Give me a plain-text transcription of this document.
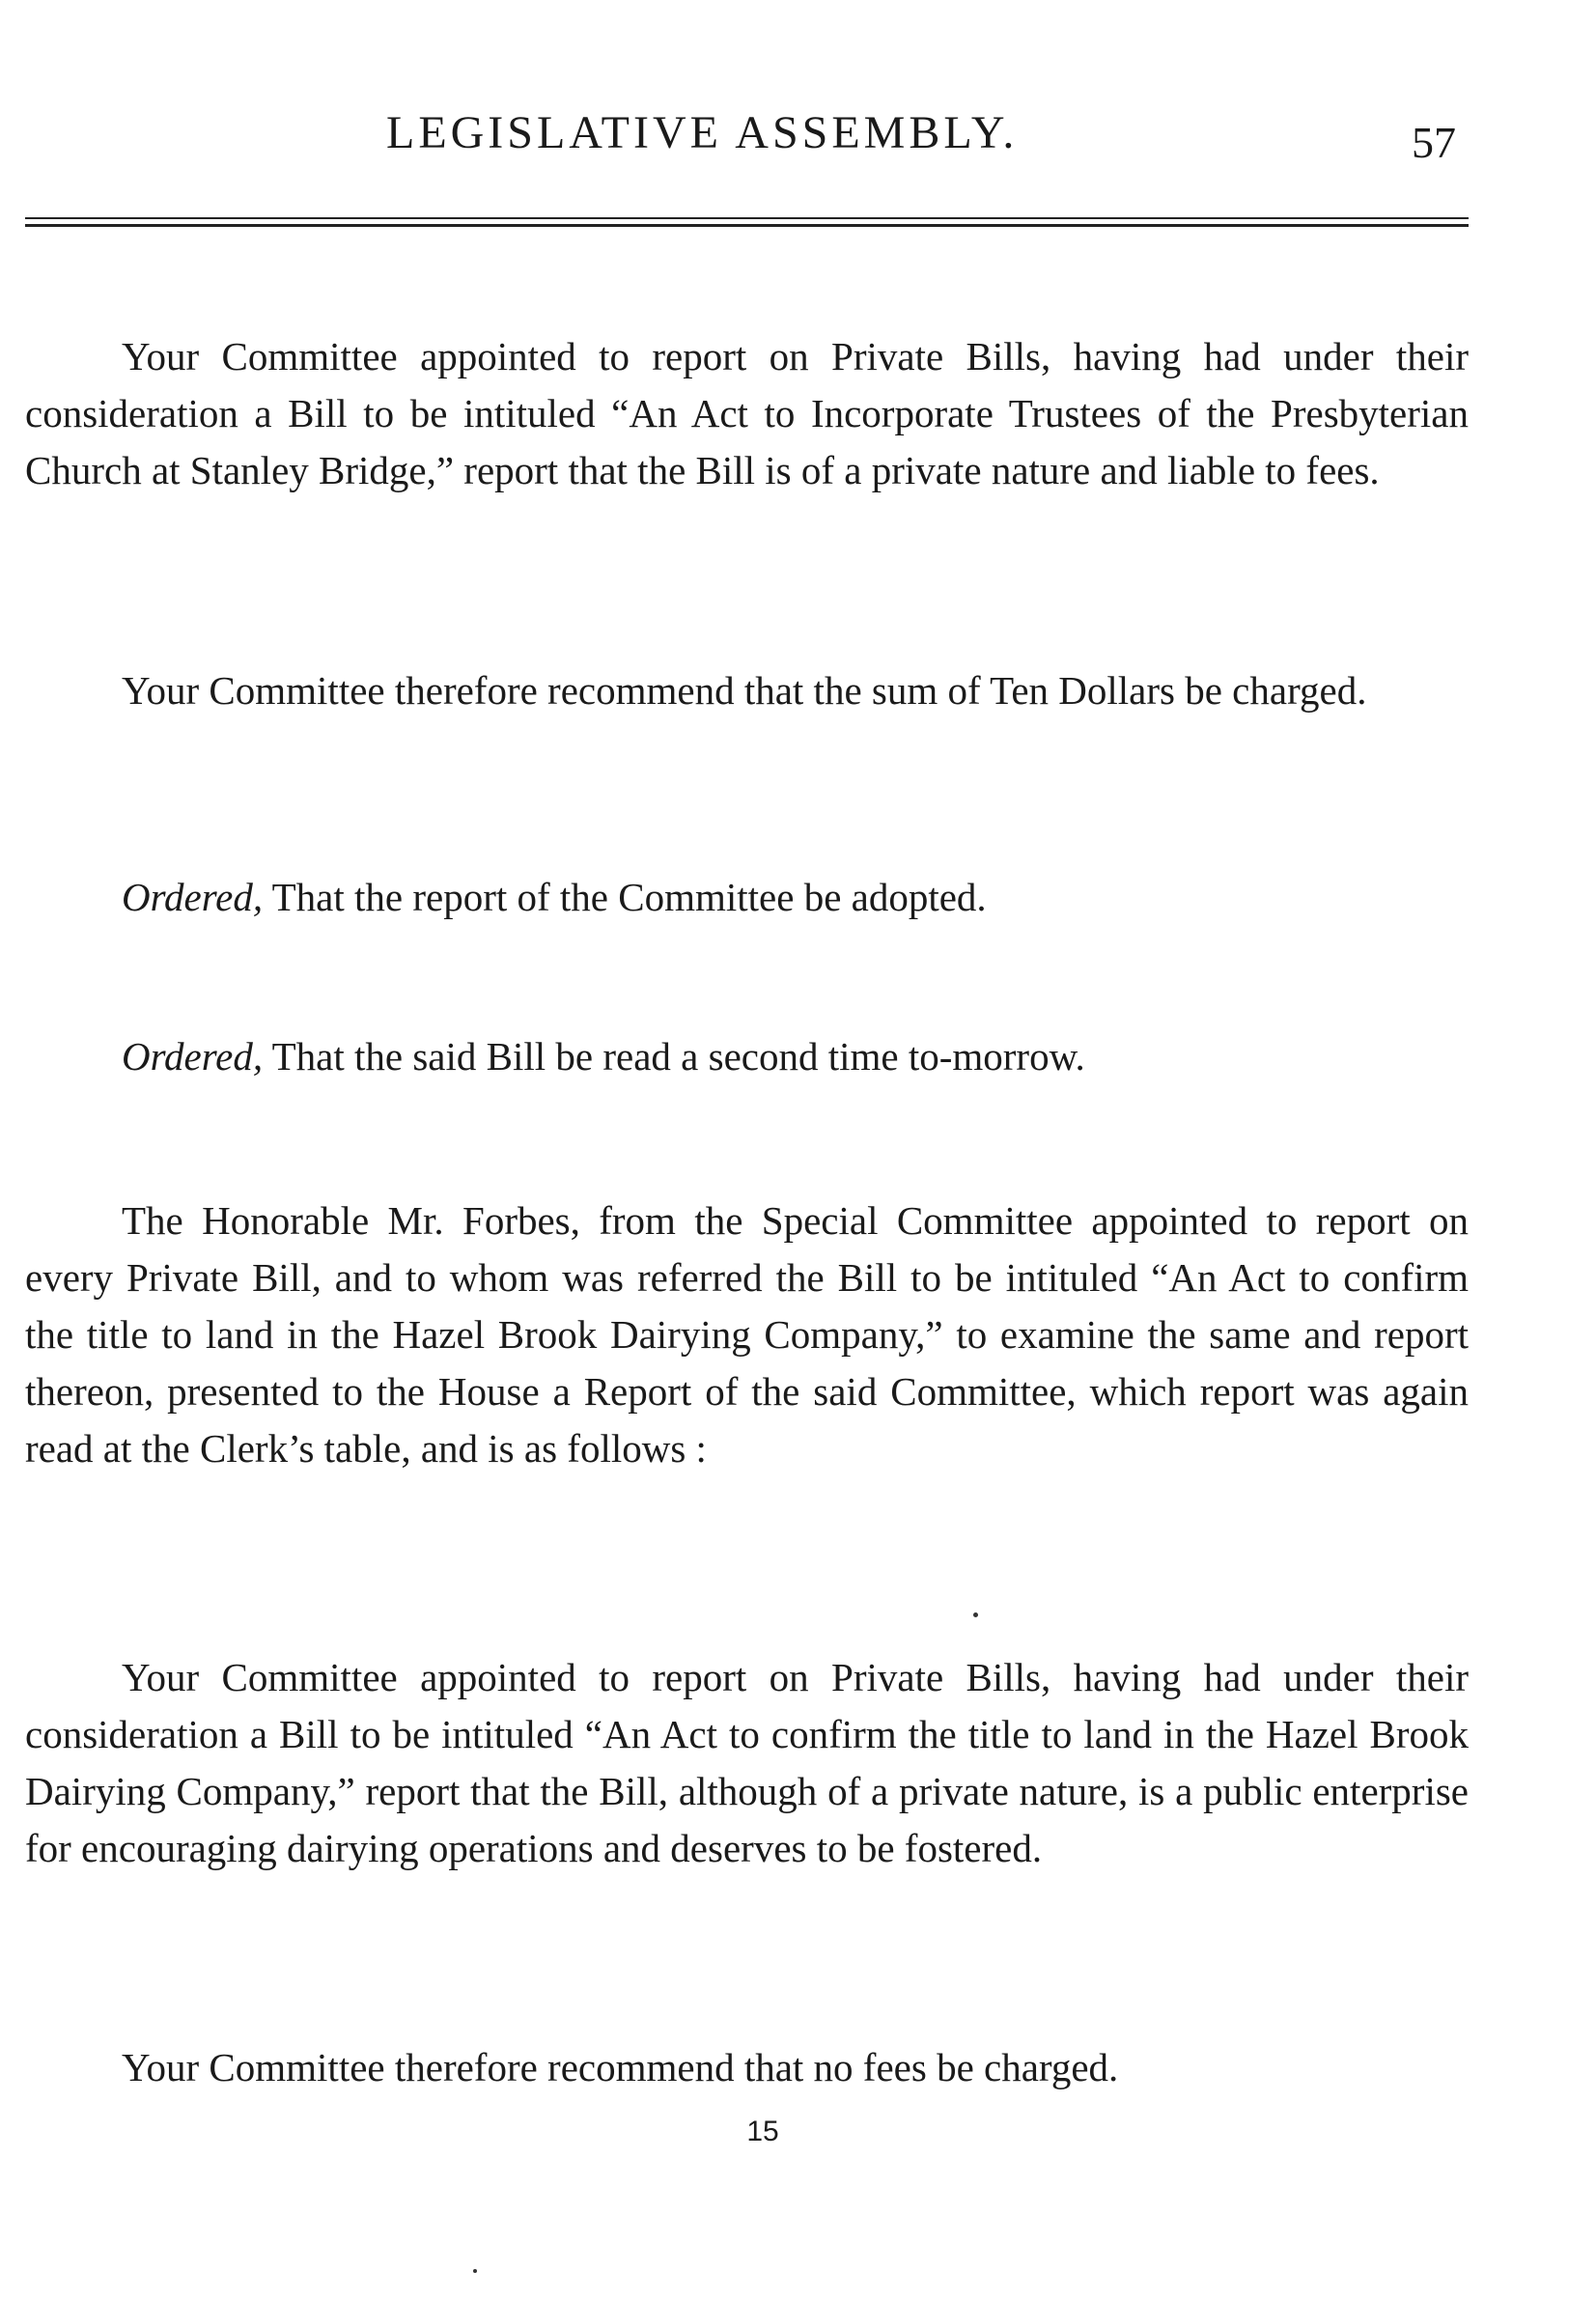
LEGISLATIVE ASSEMBLY.	57

Your Committee appointed to report on Private Bills, having had under their consideration a Bill to be intituled “An Act to Incorporate Trustees of the Presbyterian Church at Stanley Bridge,” report that the Bill is of a private nature and liable to fees.

Your Committee therefore recommend that the sum of Ten Dollars be charged.

Ordered, That the report of the Committee be adopted.

Ordered, That the said Bill be read a second time to-morrow.

The Honorable Mr. Forbes, from the Special Committee appointed to report on every Private Bill, and to whom was referred the Bill to be intituled “An Act to confirm the title to land in the Hazel Brook Dairying Company,” to examine the same and report thereon, presented to the House a Report of the said Committee, which report was again read at the Clerk’s table, and is as follows :

Your Committee appointed to report on Private Bills, having had under their consideration a Bill to be intituled “An Act to confirm the title to land in the Hazel Brook Dairying Company,” report that the Bill, although of a private nature, is a public enterprise for encouraging dairying operations and deserves to be fostered.

Your Committee therefore recommend that no fees be charged.

15
